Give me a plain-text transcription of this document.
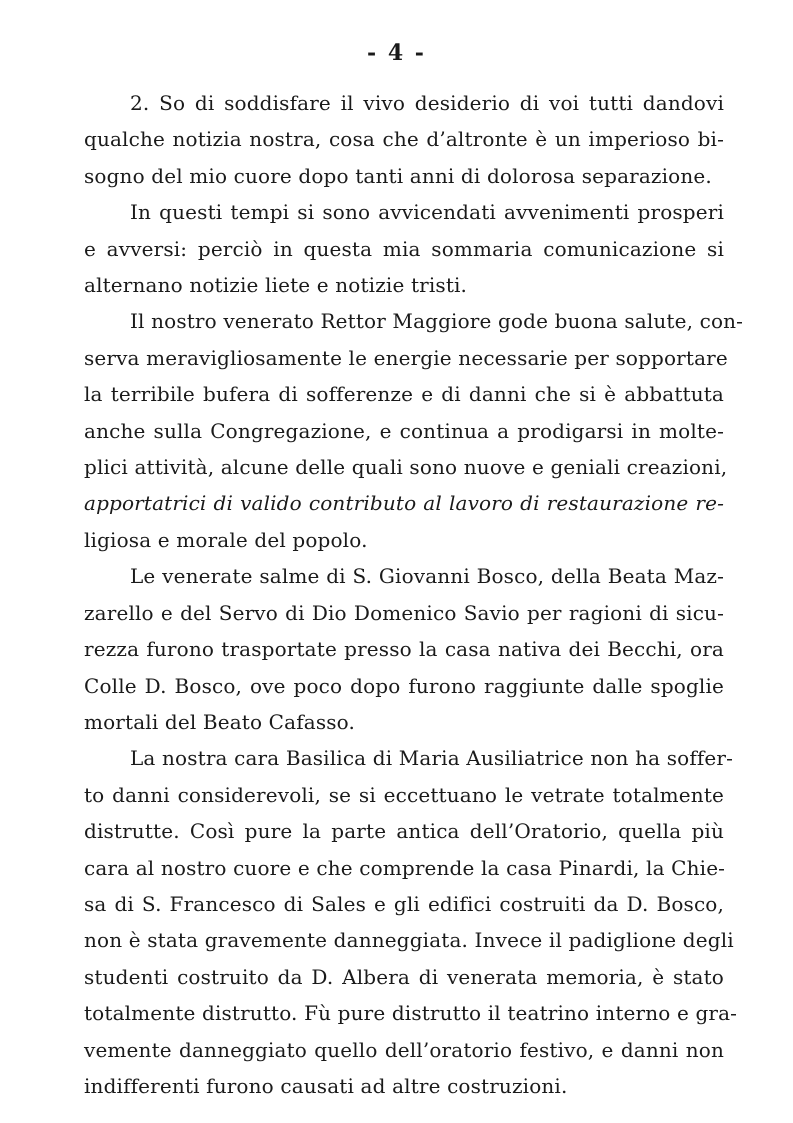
- 4 -

2. So di soddisfare il vivo desiderio di voi tutti dandovi
qualche notizia nostra, cosa che d’altronte è un imperioso bi-
sogno del mio cuore dopo tanti anni di dolorosa separazione.

In questi tempi si sono avvicendati avvenimenti prosperi
e avversi: perciò in questa mia sommaria comunicazione si
alternano notizie liete e notizie tristi.

Il nostro venerato Rettor Maggiore gode buona salute, con-
serva meravigliosamente le energie necessarie per sopportare
la terribile bufera di sofferenze e di danni che si è abbattuta
anche sulla Congregazione, e continua a prodigarsi in molte-
plici attività, alcune delle quali sono nuove e geniali creazioni,
apportatrici di valido contributo al lavoro di restaurazione re-
ligiosa e morale del popolo.

Le venerate salme di S. Giovanni Bosco, della Beata Maz-
zarello e del Servo di Dio Domenico Savio per ragioni di sicu-
rezza furono trasportate presso la casa nativa dei Becchi, ora
Colle D. Bosco, ove poco dopo furono raggiunte dalle spoglie
mortali del Beato Cafasso.

La nostra cara Basilica di Maria Ausiliatrice non ha soffer-
to danni considerevoli, se si eccettuano le vetrate totalmente
distrutte. Così pure la parte antica dell’Oratorio, quella più
cara al nostro cuore e che comprende la casa Pinardi, la Chie-
sa di S. Francesco di Sales e gli edifici costruiti da D. Bosco,
non è stata gravemente danneggiata. Invece il padiglione degli
studenti costruito da D. Albera di venerata memoria, è stato
totalmente distrutto. Fù pure distrutto il teatrino interno e gra-
vemente danneggiato quello dell’oratorio festivo, e danni non
indifferenti furono causati ad altre costruzioni.
